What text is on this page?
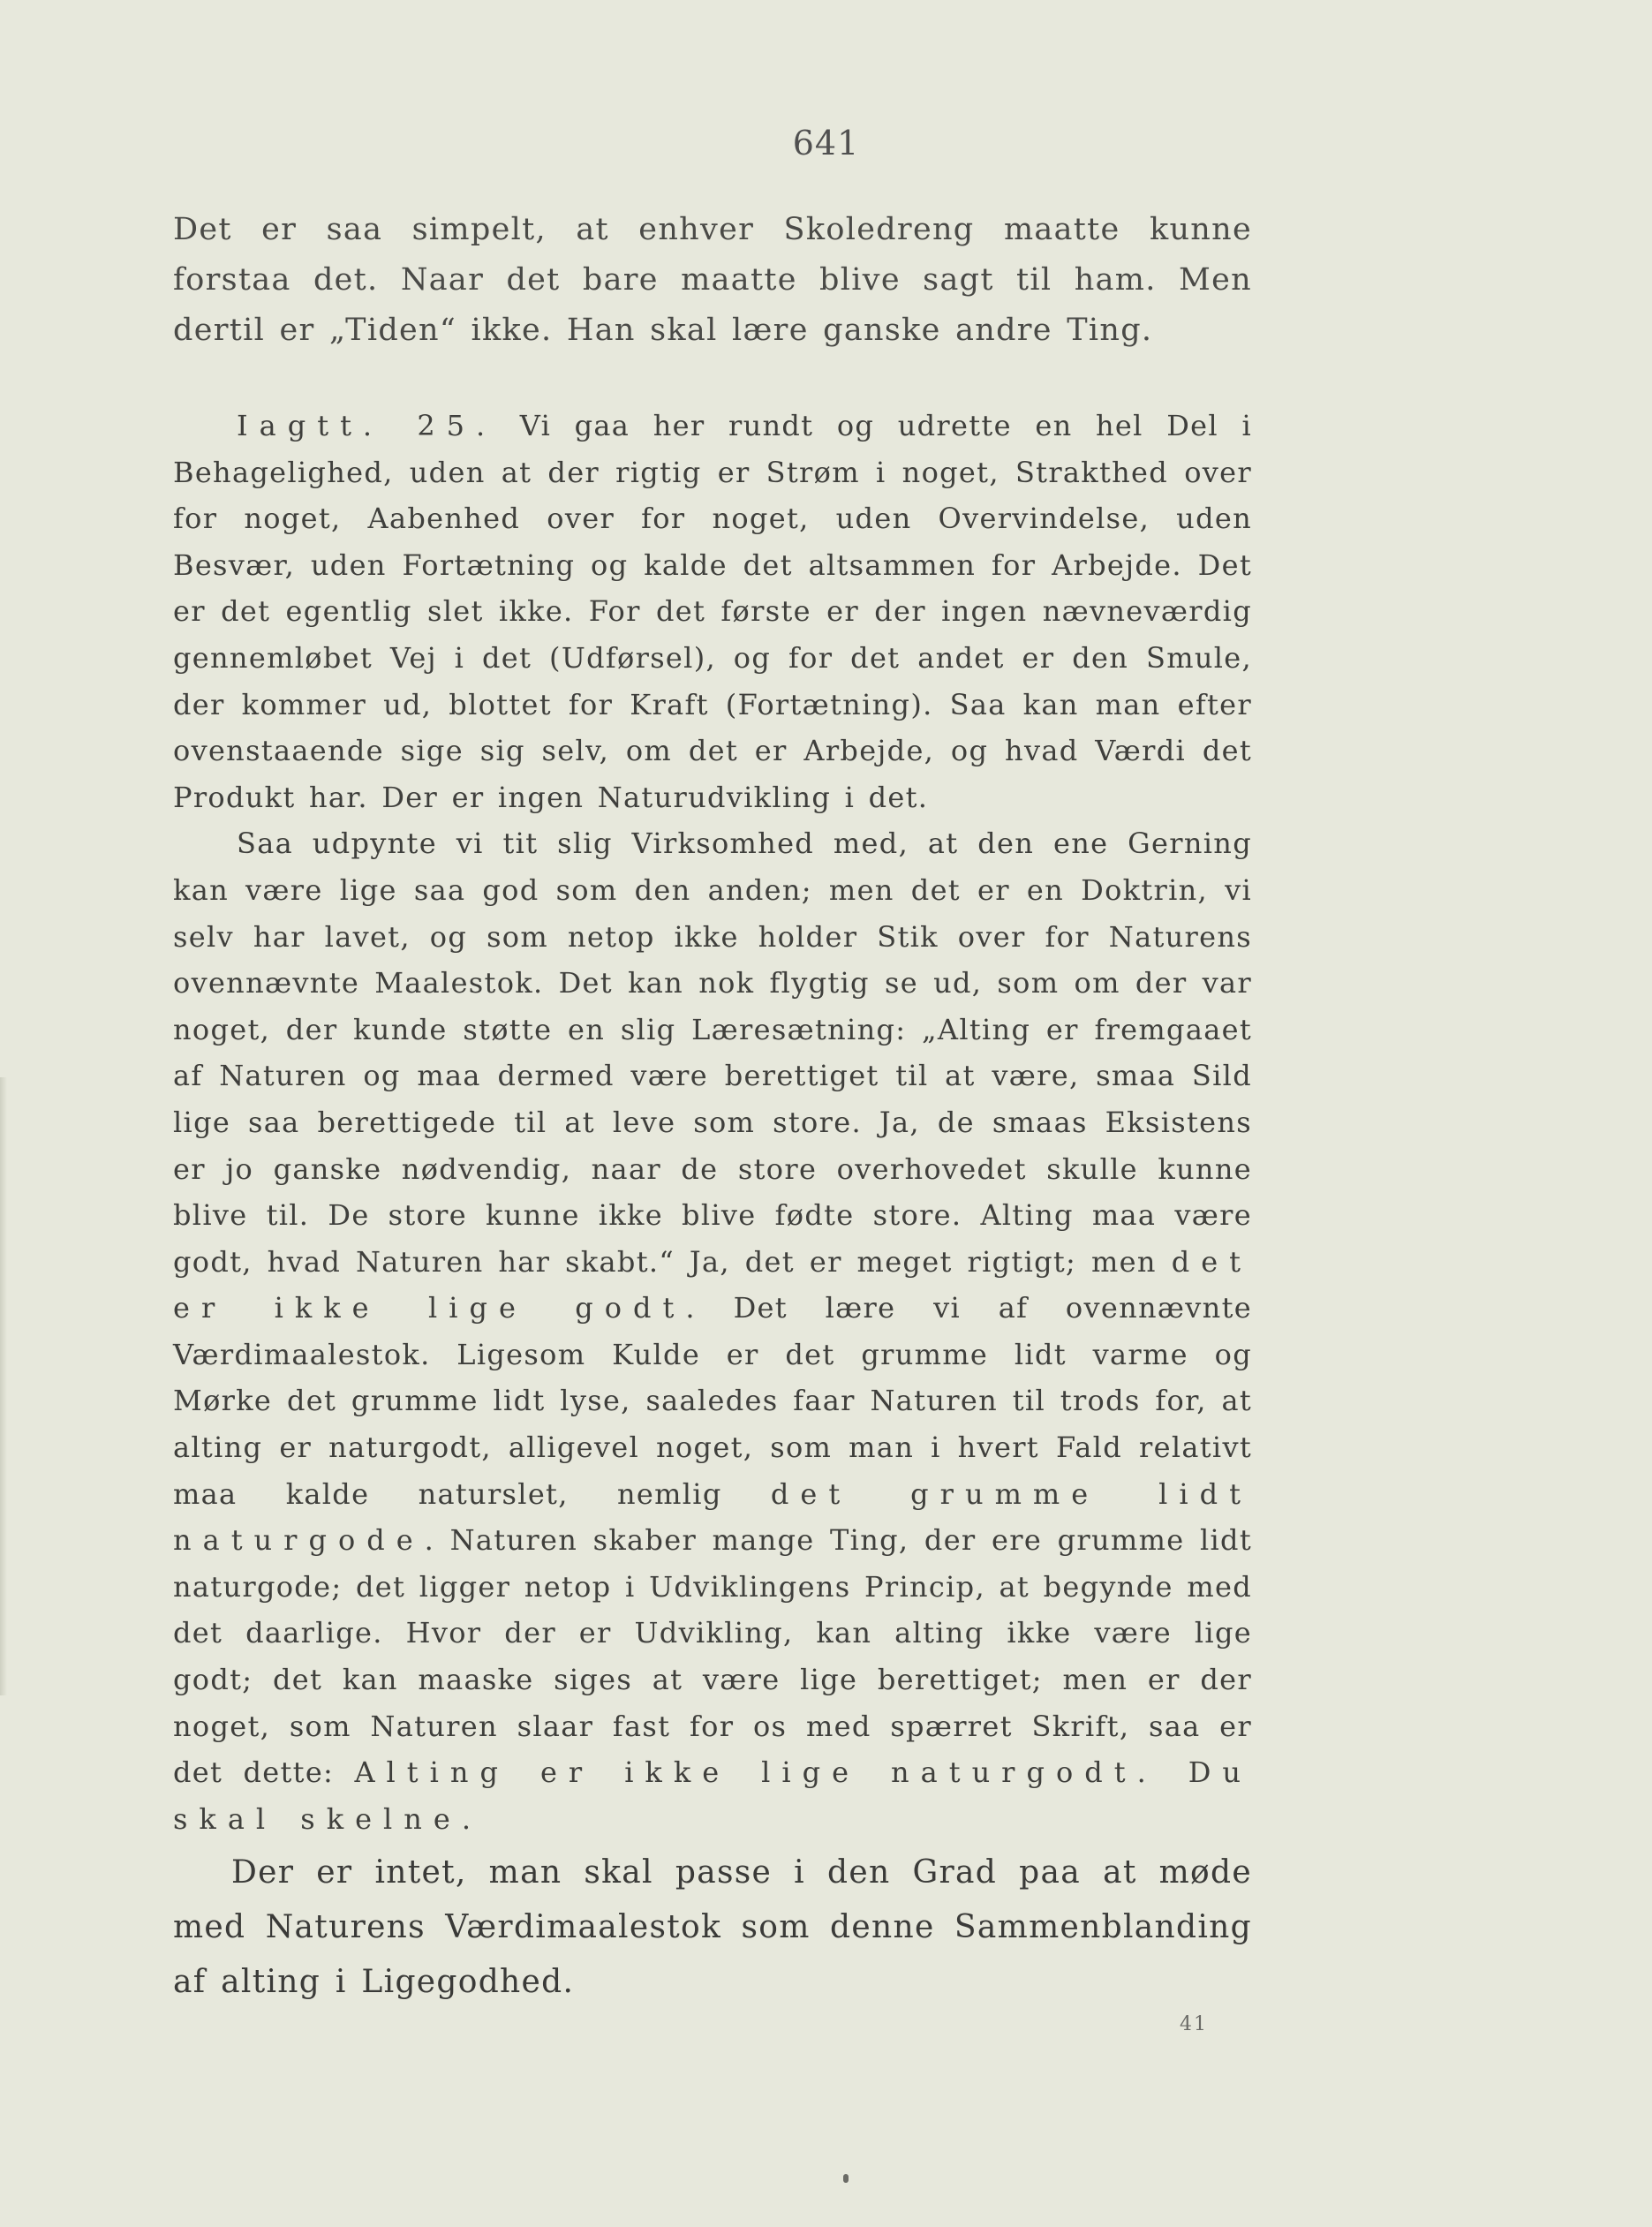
641

Det er saa simpelt, at enhver Skoledreng maatte kunne forstaa det. Naar det bare maatte blive sagt til ham. Men dertil er „Tiden“ ikke. Han skal lære ganske andre Ting.

Iagtt. 25. Vi gaa her rundt og udrette en hel Del i Behagelighed, uden at der rigtig er Strøm i noget, Strakthed over for noget, Aabenhed over for noget, uden Overvindelse, uden Besvær, uden Fortætning og kalde det altsammen for Arbejde. Det er det egentlig slet ikke. For det første er der ingen nævneværdig gennemløbet Vej i det (Udførsel), og for det andet er den Smule, der kommer ud, blottet for Kraft (Fortætning). Saa kan man efter ovenstaaende sige sig selv, om det er Arbejde, og hvad Værdi det Produkt har. Der er ingen Naturudvikling i det.

Saa udpynte vi tit slig Virksomhed med, at den ene Gerning kan være lige saa god som den anden; men det er en Doktrin, vi selv har lavet, og som netop ikke holder Stik over for Naturens ovennævnte Maalestok. Det kan nok flygtig se ud, som om der var noget, der kunde støtte en slig Læresætning: „Alting er fremgaaet af Naturen og maa dermed være berettiget til at være, smaa Sild lige saa berettigede til at leve som store. Ja, de smaas Eksistens er jo ganske nødvendig, naar de store overhovedet skulle kunne blive til. De store kunne ikke blive fødte store. Alting maa være godt, hvad Naturen har skabt.“ Ja, det er meget rigtigt; men det er ikke lige godt. Det lære vi af ovennævnte Værdimaalestok. Ligesom Kulde er det grumme lidt varme og Mørke det grumme lidt lyse, saaledes faar Naturen til trods for, at alting er naturgodt, alligevel noget, som man i hvert Fald relativt maa kalde naturslet, nemlig det grumme lidt naturgode. Naturen skaber mange Ting, der ere grumme lidt naturgode; det ligger netop i Udviklingens Princip, at begynde med det daarlige. Hvor der er Udvikling, kan alting ikke være lige godt; det kan maaske siges at være lige berettiget; men er der noget, som Naturen slaar fast for os med spærret Skrift, saa er det dette: Alting er ikke lige naturgodt. Du skal skelne.

Der er intet, man skal passe i den Grad paa at møde med Naturens Værdimaalestok som denne Sammenblanding af alting i Ligegodhed.

41
